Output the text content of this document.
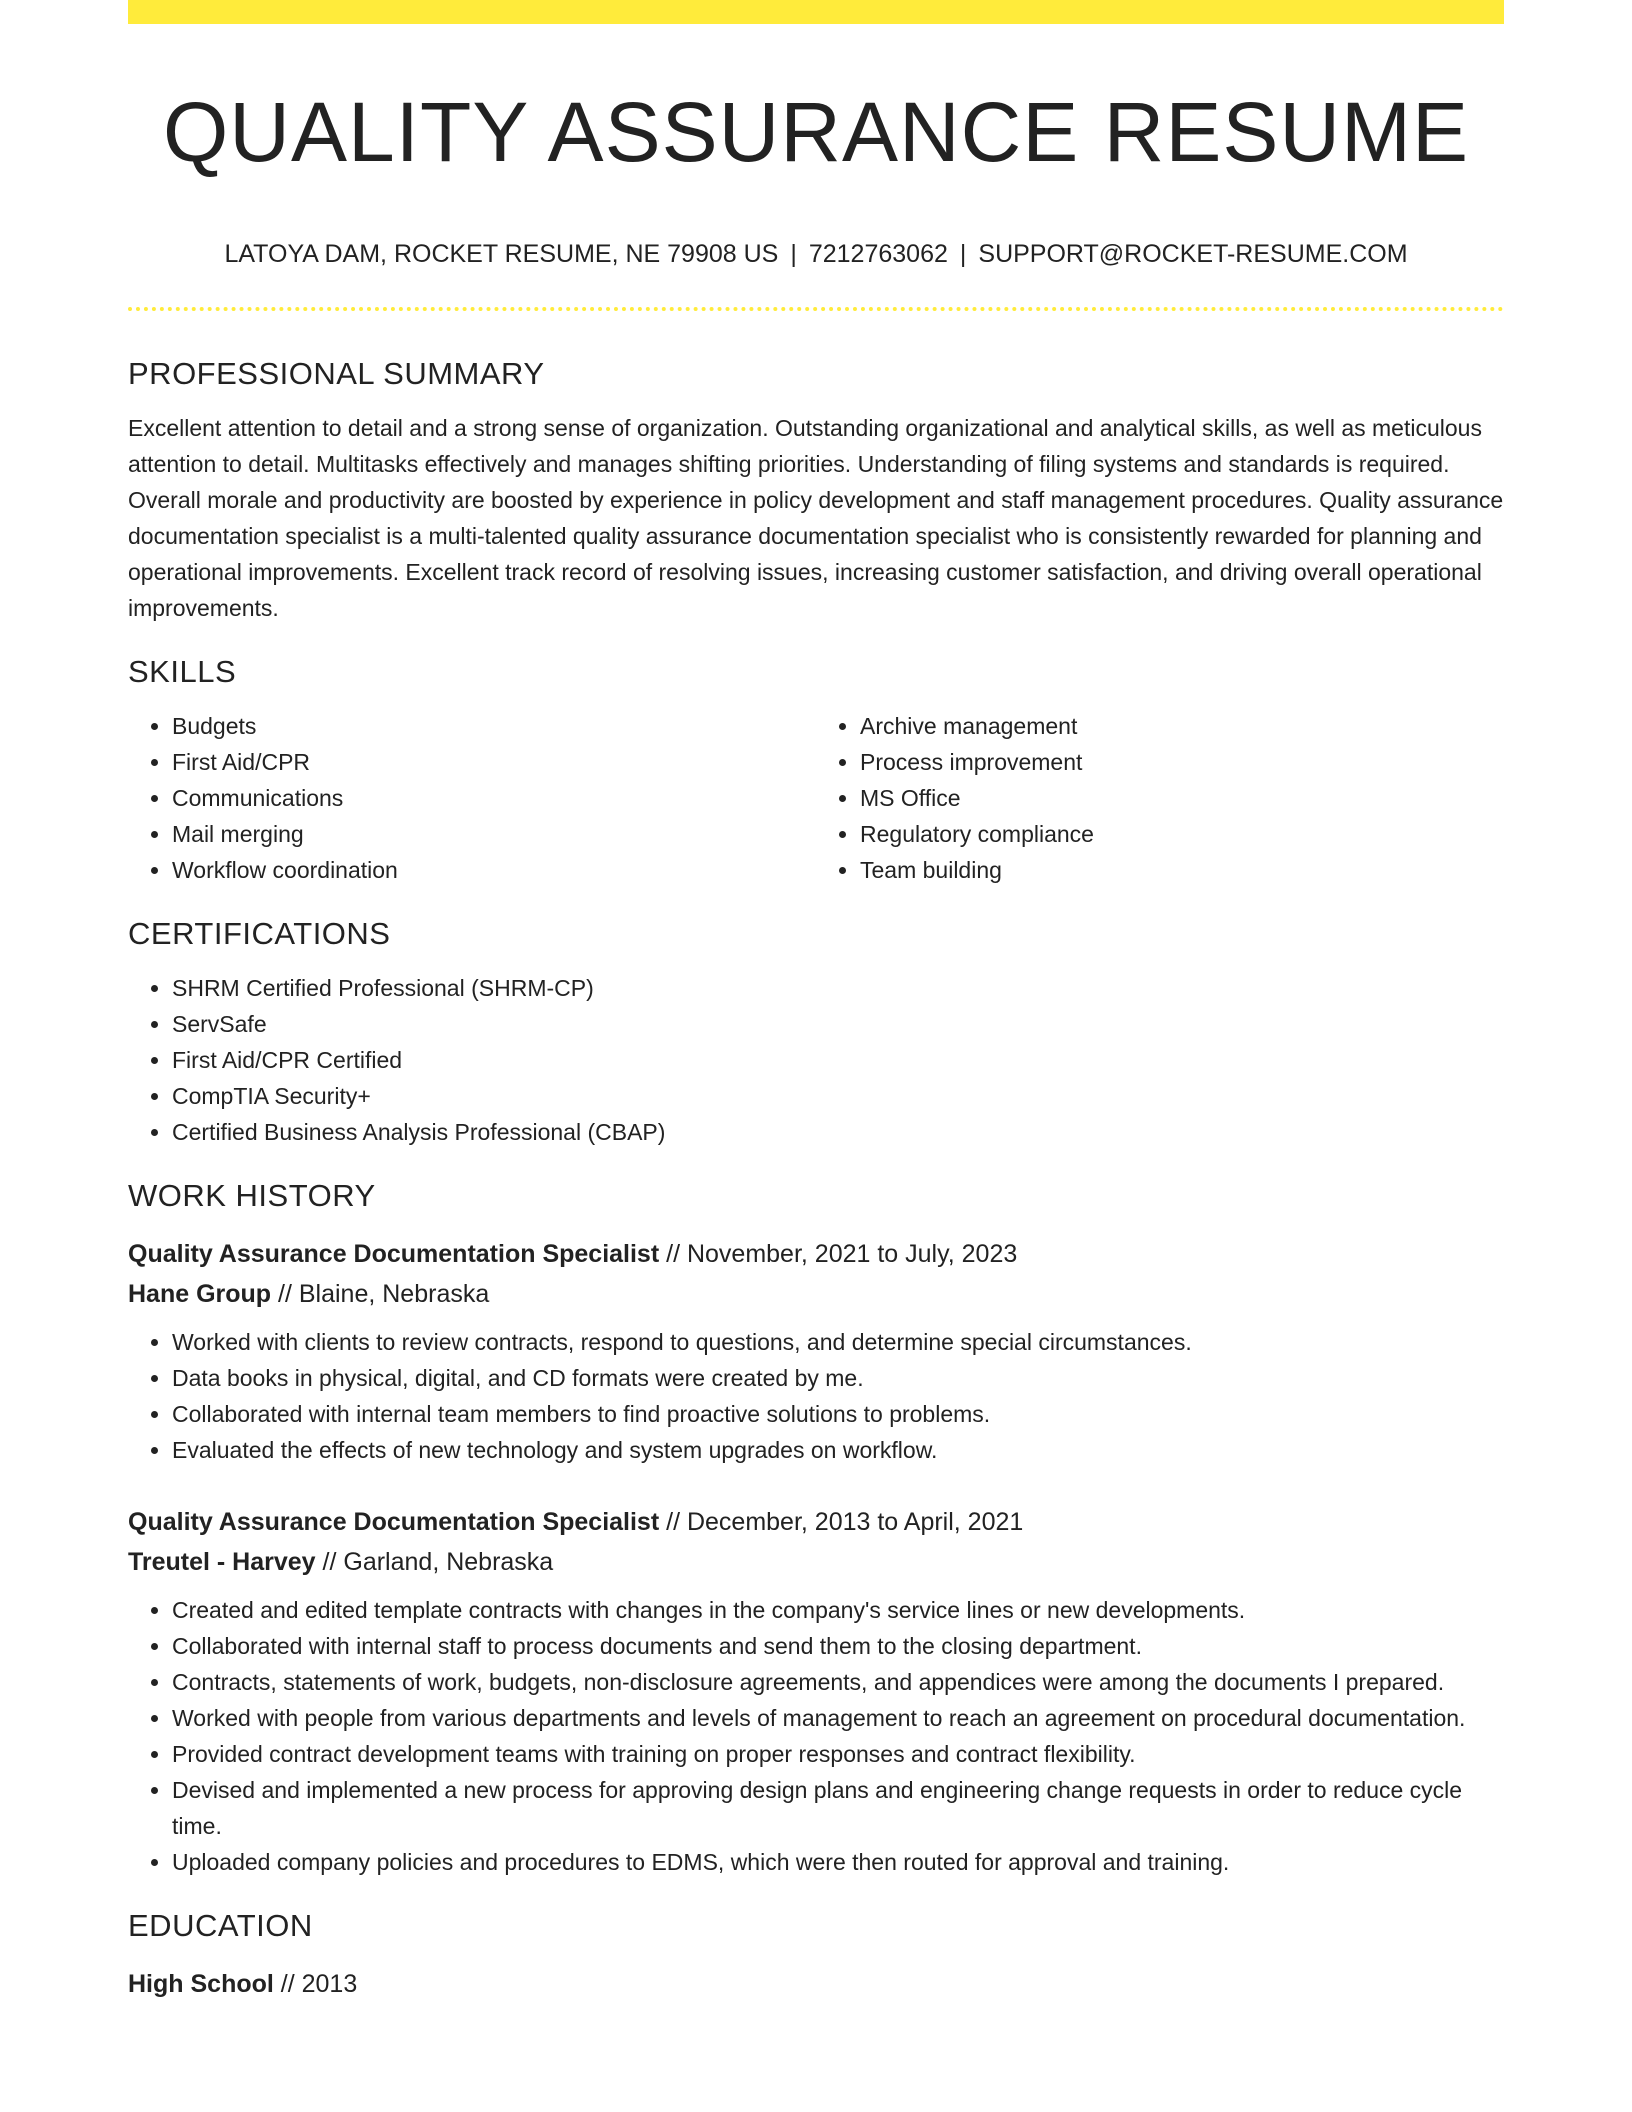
QUALITY ASSURANCE RESUME
LATOYA DAM, ROCKET RESUME, NE 79908 US | 7212763062 | SUPPORT@ROCKET-RESUME.COM
PROFESSIONAL SUMMARY

Excellent attention to detail and a strong sense of organization. Outstanding organizational and analytical skills, as well as meticulous attention to detail. Multitasks effectively and manages shifting priorities. Understanding of filing systems and standards is required. Overall morale and productivity are boosted by experience in policy development and staff management procedures. Quality assurance documentation specialist is a multi-talented quality assurance documentation specialist who is consistently rewarded for planning and operational improvements. Excellent track record of resolving issues, increasing customer satisfaction, and driving overall operational improvements.

SKILLS
• Budgets
• First Aid/CPR
• Communications
• Mail merging
• Workflow coordination
• Archive management
• Process improvement
• MS Office
• Regulatory compliance
• Team building
CERTIFICATIONS
• SHRM Certified Professional (SHRM-CP)
• ServSafe
• First Aid/CPR Certified
• CompTIA Security+
• Certified Business Analysis Professional (CBAP)
WORK HISTORY
Quality Assurance Documentation Specialist // November, 2021 to July, 2023
Hane Group // Blaine, Nebraska
• Worked with clients to review contracts, respond to questions, and determine special circumstances.
• Data books in physical, digital, and CD formats were created by me.
• Collaborated with internal team members to find proactive solutions to problems.
• Evaluated the effects of new technology and system upgrades on workflow.
Quality Assurance Documentation Specialist // December, 2013 to April, 2021
Treutel - Harvey // Garland, Nebraska
• Created and edited template contracts with changes in the company's service lines or new developments.
• Collaborated with internal staff to process documents and send them to the closing department.
• Contracts, statements of work, budgets, non-disclosure agreements, and appendices were among the documents I prepared.
• Worked with people from various departments and levels of management to reach an agreement on procedural documentation.
• Provided contract development teams with training on proper responses and contract flexibility.
• Devised and implemented a new process for approving design plans and engineering change requests in order to reduce cycle time.
• Uploaded company policies and procedures to EDMS, which were then routed for approval and training.
EDUCATION
High School // 2013
